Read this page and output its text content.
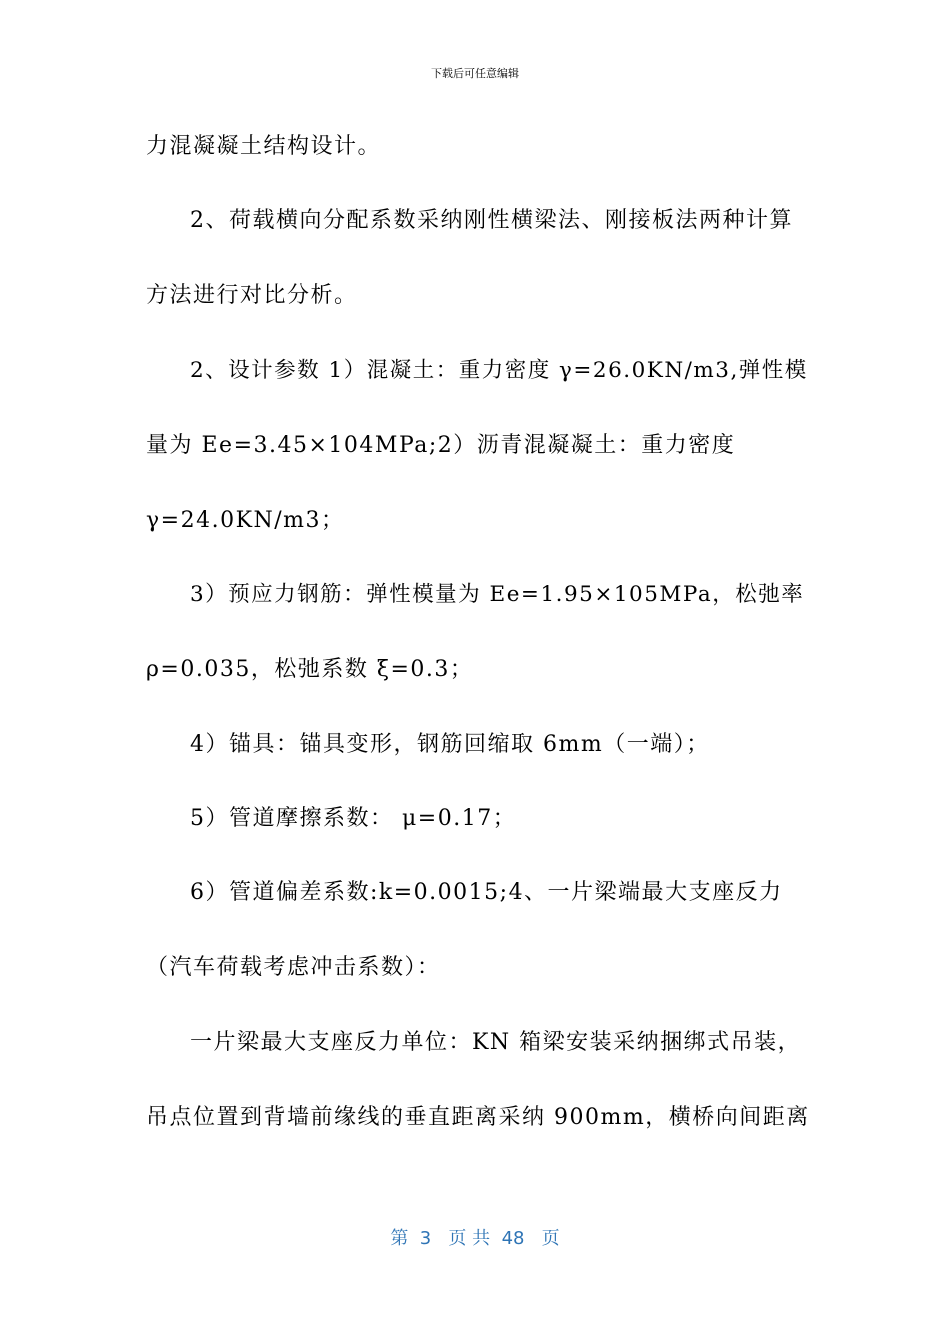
下载后可任意编辑
力混凝凝土结构设计。
2、荷载横向分配系数采纳刚性横梁法、刚接板法两种计算
方法进行对比分析。
2、设计参数 1）混凝土：重力密度 γ=26.0KN/m3,弹性模
量为 Ee=3.45×104MPa;2）沥青混凝凝土：重力密度
γ=24.0KN/m3；
3）预应力钢筋：弹性模量为 Ee=1.95×105MPa，松弛率
ρ=0.035，松弛系数 ξ=0.3；
4）锚具：锚具变形，钢筋回缩取 6mm（一端）；
5）管道摩擦系数： μ=0.17；
6）管道偏差系数:k=0.0015;4、一片梁端最大支座反力
（汽车荷载考虑冲击系数）：
一片梁最大支座反力单位：KN 箱梁安装采纳捆绑式吊装，
吊点位置到背墙前缘线的垂直距离采纳 900mm，横桥向间距离
第  3   页 共  48   页
